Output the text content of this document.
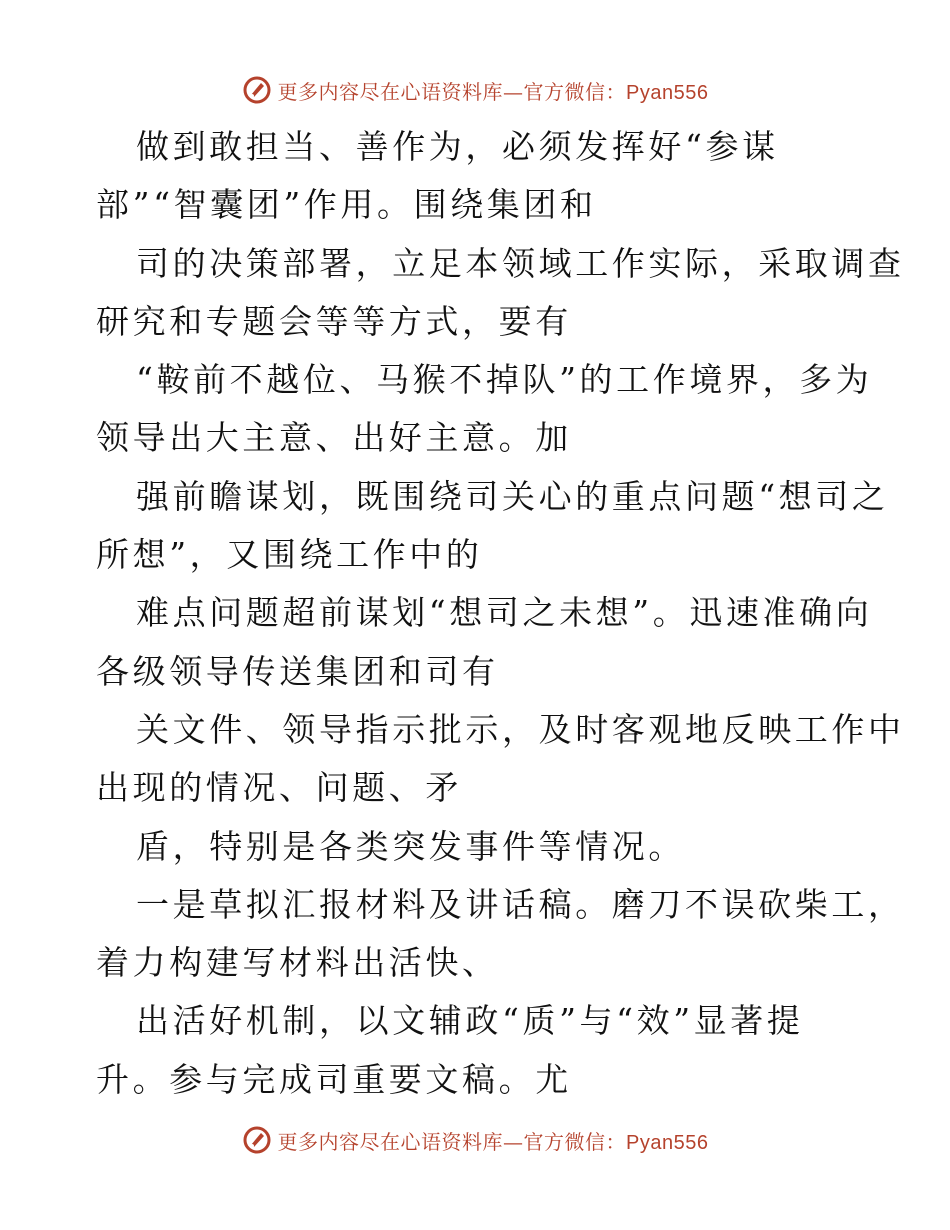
更多内容尽在心语资料库—官方微信：Pyan556
做到敢担当、善作为，必须发挥好“参谋
部”“智囊团”作用。围绕集团和
司的决策部署，立足本领域工作实际，采取调查
研究和专题会等等方式，要有
“鞍前不越位、马猴不掉队”的工作境界，多为
领导出大主意、出好主意。加
强前瞻谋划，既围绕司关心的重点问题“想司之
所想”，又围绕工作中的
难点问题超前谋划“想司之未想”。迅速准确向
各级领导传送集团和司有
关文件、领导指示批示，及时客观地反映工作中
出现的情况、问题、矛
盾，特别是各类突发事件等情况。
一是草拟汇报材料及讲话稿。磨刀不误砍柴工，
着力构建写材料出活快、
出活好机制，以文辅政“质”与“效”显著提
升。参与完成司重要文稿。尤
更多内容尽在心语资料库—官方微信：Pyan556
